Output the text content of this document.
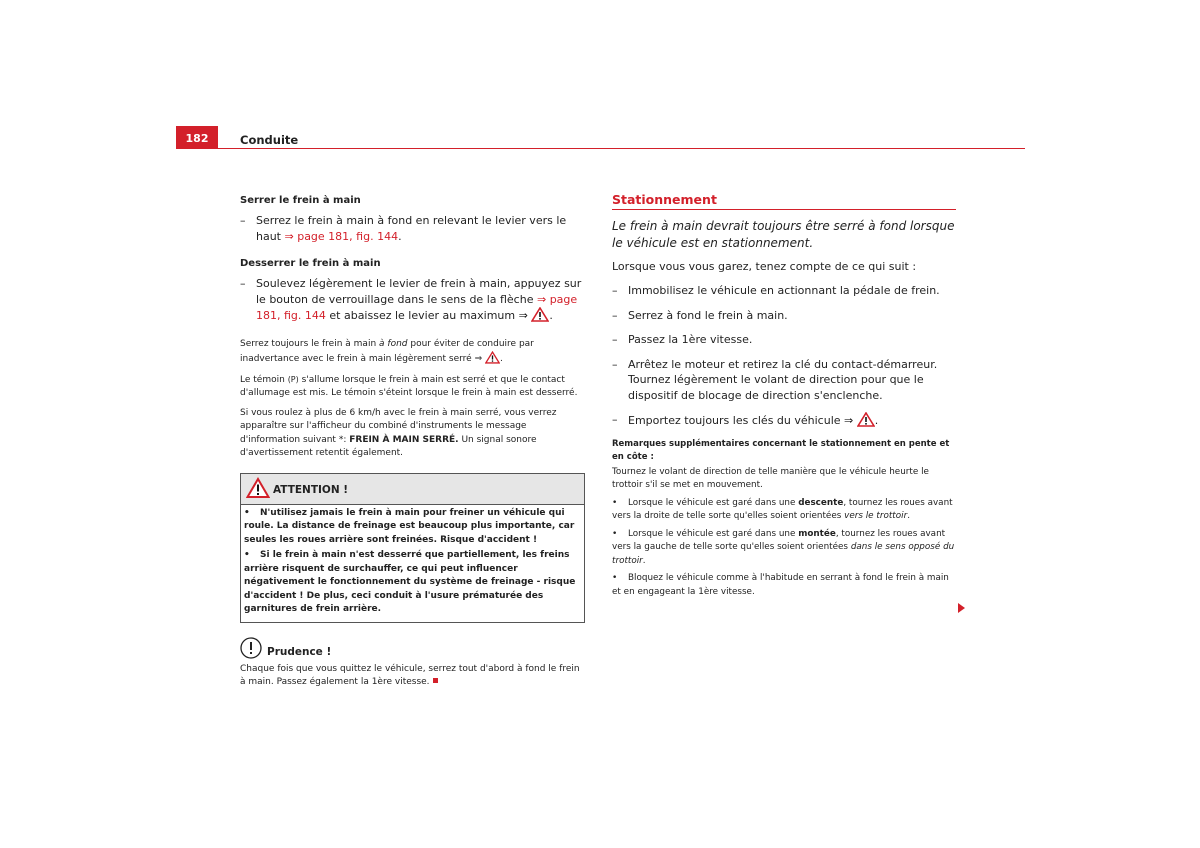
182	Conduite

Serrer le frein à main

– Serrez le frein à main à fond en relevant le levier vers le haut ⇒ page 181, fig. 144.

Desserrer le frein à main

– Soulevez légèrement le levier de frein à main, appuyez sur le bouton de verrouillage dans le sens de la flèche ⇒ page 181, fig. 144 et abaissez le levier au maximum ⇒ .

Serrez toujours le frein à main à fond pour éviter de conduire par inadvertance avec le frein à main légèrement serré ⇒ .

Le témoin (P) s'allume lorsque le frein à main est serré et que le contact d'allumage est mis. Le témoin s'éteint lorsque le frein à main est desserré.

Si vous roulez à plus de 6 km/h avec le frein à main serré, vous verrez apparaître sur l'afficheur du combiné d'instruments le message d'information suivant *: FREIN À MAIN SERRÉ. Un signal sonore d'avertissement retentit également.

ATTENTION !

• N'utilisez jamais le frein à main pour freiner un véhicule qui roule. La distance de freinage est beaucoup plus importante, car seules les roues arrière sont freinées. Risque d'accident !

• Si le frein à main n'est desserré que partiellement, les freins arrière risquent de surchauffer, ce qui peut influencer négativement le fonctionnement du système de freinage - risque d'accident ! De plus, ceci conduit à l'usure prématurée des garnitures de frein arrière.

Prudence !

Chaque fois que vous quittez le véhicule, serrez tout d'abord à fond le frein à main. Passez également la 1ère vitesse.

Stationnement

Le frein à main devrait toujours être serré à fond lorsque le véhicule est en stationnement.

Lorsque vous vous garez, tenez compte de ce qui suit :

– Immobilisez le véhicule en actionnant la pédale de frein.

– Serrez à fond le frein à main.

– Passez la 1ère vitesse.

– Arrêtez le moteur et retirez la clé du contact-démarreur. Tournez légèrement le volant de direction pour que le dispositif de blocage de direction s'enclenche.

– Emportez toujours les clés du véhicule ⇒ .

Remarques supplémentaires concernant le stationnement en pente et en côte :

Tournez le volant de direction de telle manière que le véhicule heurte le trottoir s'il se met en mouvement.

• Lorsque le véhicule est garé dans une descente, tournez les roues avant vers la droite de telle sorte qu'elles soient orientées vers le trottoir.

• Lorsque le véhicule est garé dans une montée, tournez les roues avant vers la gauche de telle sorte qu'elles soient orientées dans le sens opposé du trottoir.

• Bloquez le véhicule comme à l'habitude en serrant à fond le frein à main et en engageant la 1ère vitesse.
